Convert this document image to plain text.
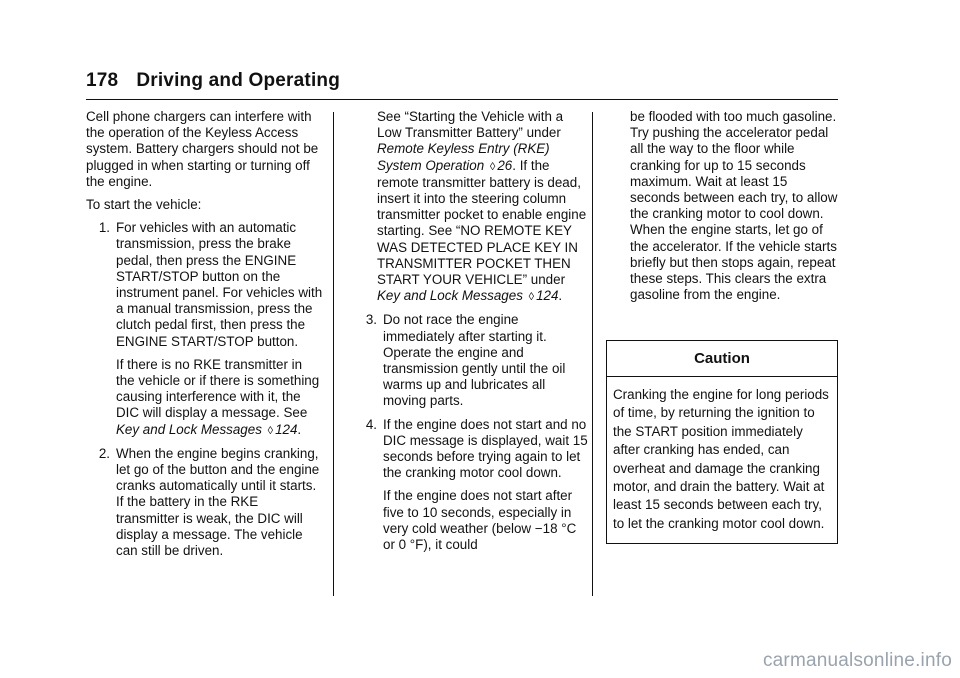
178 Driving and Operating

Cell phone chargers can interfere with the operation of the Keyless Access system. Battery chargers should not be plugged in when starting or turning off the engine.

To start the vehicle:

1. For vehicles with an automatic transmission, press the brake pedal, then press the ENGINE START/STOP button on the instrument panel. For vehicles with a manual transmission, press the clutch pedal first, then press the ENGINE START/STOP button.

If there is no RKE transmitter in the vehicle or if there is something causing interference with it, the DIC will display a message. See Key and Lock Messages ◊ 124.

2. When the engine begins cranking, let go of the button and the engine cranks automatically until it starts. If the battery in the RKE transmitter is weak, the DIC will display a message. The vehicle can still be driven.

See “Starting the Vehicle with a Low Transmitter Battery” under Remote Keyless Entry (RKE) System Operation ◊ 26. If the remote transmitter battery is dead, insert it into the steering column transmitter pocket to enable engine starting. See “NO REMOTE KEY WAS DETECTED PLACE KEY IN TRANSMITTER POCKET THEN START YOUR VEHICLE” under Key and Lock Messages ◊ 124.

3. Do not race the engine immediately after starting it. Operate the engine and transmission gently until the oil warms up and lubricates all moving parts.

4. If the engine does not start and no DIC message is displayed, wait 15 seconds before trying again to let the cranking motor cool down.

If the engine does not start after five to 10 seconds, especially in very cold weather (below −18 °C or 0 °F), it could

be flooded with too much gasoline. Try pushing the accelerator pedal all the way to the floor while cranking for up to 15 seconds maximum. Wait at least 15 seconds between each try, to allow the cranking motor to cool down. When the engine starts, let go of the accelerator. If the vehicle starts briefly but then stops again, repeat these steps. This clears the extra gasoline from the engine.

Caution
Cranking the engine for long periods of time, by returning the ignition to the START position immediately after cranking has ended, can overheat and damage the cranking motor, and drain the battery. Wait at least 15 seconds between each try, to let the cranking motor cool down.
carmanualsonline.info
